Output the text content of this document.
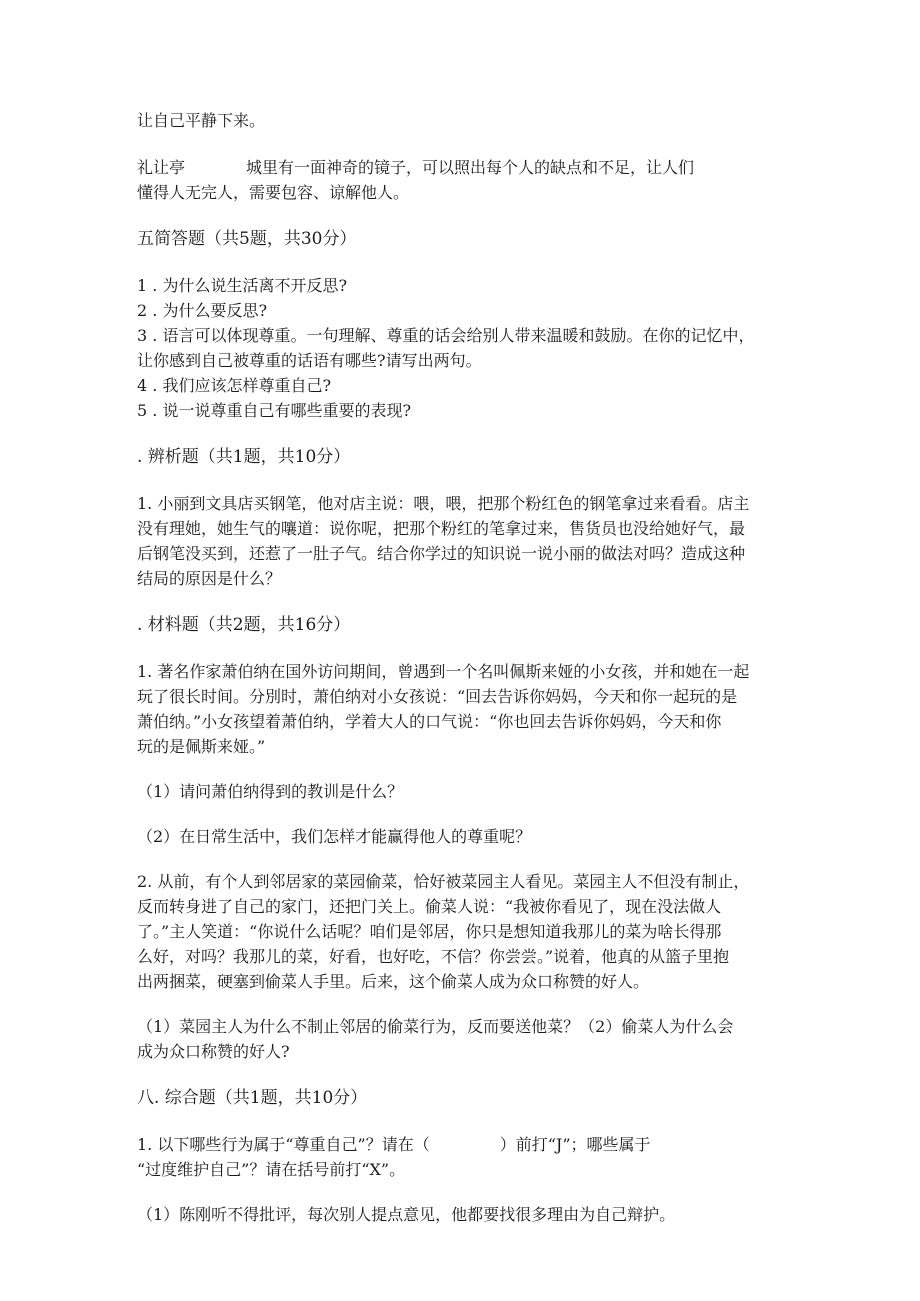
让自己平静下来。

礼让亭            城里有一面神奇的镜子，可以照出每个人的缺点和不足，让人们

懂得人无完人，需要包容、谅解他人。

五简答题（共5题，共30分）

1 . 为什么说生活离不开反思?

2 . 为什么要反思?

3 . 语言可以体现尊重。一句理解、尊重的话会给别人带来温暖和鼓励。在你的记忆中，

让你感到自己被尊重的话语有哪些?请写出两句。

4 . 我们应该怎样尊重自己?

5 . 说一说尊重自己有哪些重要的表现?

. 辨析题（共1题，共10分）

1. 小丽到文具店买钢笔，他对店主说：喂，喂，把那个粉红色的钢笔拿过来看看。店主

没有理她，她生气的嚷道：说你呢，把那个粉红的笔拿过来，售货员也没给她好气，最

后钢笔没买到，还惹了一肚子气。结合你学过的知识说一说小丽的做法对吗？造成这种

结局的原因是什么？

. 材料题（共2题，共16分）

1. 著名作家萧伯纳在国外访问期间，曾遇到一个名叫佩斯来娅的小女孩，并和她在一起

玩了很长时间。分別时，萧伯纳对小女孩说：“回去告诉你妈妈，今天和你一起玩的是

萧伯纳。”小女孩望着萧伯纳，学着大人的口气说：“你也回去告诉你妈妈，今天和你

玩的是佩斯来娅。”

（1）请问萧伯纳得到的教训是什么？

（2）在日常生活中，我们怎样才能赢得他人的尊重呢？

2. 从前，有个人到邻居家的菜园偷菜，恰好被菜园主人看见。菜园主人不但没有制止，

反而转身进了自己的家门，还把门关上。偷菜人说：“我被你看见了，现在没法做人

了。”主人笑道：“你说什么话呢？咱们是邻居，你只是想知道我那儿的菜为啥长得那

么好，对吗？我那儿的菜，好看，也好吃，不信？你尝尝。”说着，他真的从篮子里抱

出两捆菜，硬塞到偷菜人手里。后来，这个偷菜人成为众口称赞的好人。

（1）菜园主人为什么不制止邻居的偷菜行为，反而要送他菜？（2）偷菜人为什么会

成为众口称赞的好人?

八. 综合题（共1题，共10分）

1. 以下哪些行为属于“尊重自己”？请在（	）前打“J”；哪些属于

“过度维护自己”？请在括号前打“X”。

（1）陈刚听不得批评，每次别人提点意见，他都要找很多理由为自己辩护。
